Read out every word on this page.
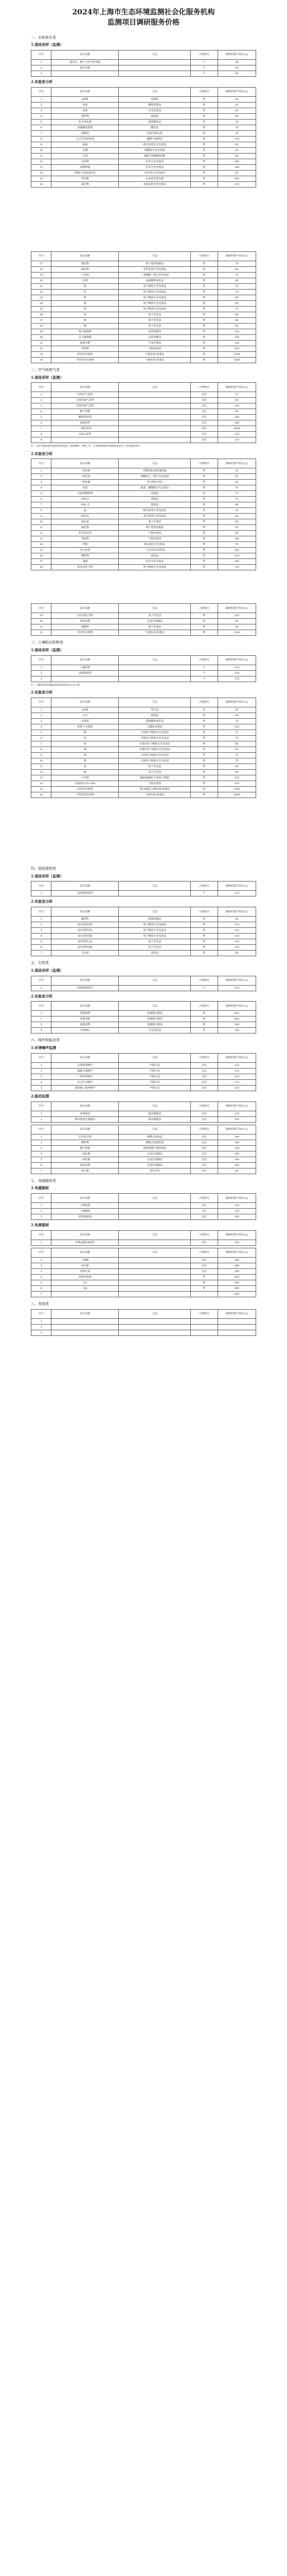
2024年上海市生态环境监测社会化服务机构
监测项目调研服务价格
一、水和废水类
1.现场采样（监测）
序号	项目名称	方法	计费单位	调研价格平均价(元)
1	地表水、地下水等水样采集		个	58
2	废水采集		个	45
3			个	60
2.实验室分析
序号	项目名称	方法	计费单位	调研价格平均价(元)
1	pH值	电极法	样	40
2	色度	稀释倍数法	样	43
3	浊度	分光光度法	样	45
4	悬浮物	重量法	样	60
5	化学需氧量	重铬酸盐法	样	78
6	高锰酸盐指数	酸性法	样	70
7	溶解氧	电化学探头法	样	35
8	五日生化需氧量	稀释与接种法	样	110
9	氨氮	纳氏试剂分光光度法	样	62
10	总磷	钼酸铵分光光度法	样	64
11	总氮	碱性过硫酸钾消解	样	80
12	石油类	红外分光光度法	样	160
13	动植物油	红外分光光度法	样	160
14	阴离子表面活性剂	亚甲蓝分光光度法	样	95
15	挥发酚	4-氨基安替比林	样	105
16	氰化物	容量法和分光光度法	样	110
序号	项目名称	方法	计费单位	调研价格平均价(元)
17	氟化物	离子选择电极法	样	70
18	硫化物	亚甲基蓝分光光度法	样	90
19	六价铬	二苯碳酰二肼分光光度法	样	70
20	总铬	高锰酸钾氧化法	样	90
21	铜	原子吸收分光光度法	样	70
22	锌	原子吸收分光光度法	样	70
23	铅	原子吸收分光光度法	样	80
24	镉	原子吸收分光光度法	样	80
25	镍	原子吸收分光光度法	样	75
26	汞	原子荧光法	样	80
27	砷	原子荧光法	样	80
28	硒	原子荧光法	样	80
29	粪大肠菌群	多管发酵法	样	150
30	总大肠菌群	多管发酵法	样	150
31	细菌总数	平皿计数法	样	100
32	苯系物	气相色谱法	样	320
33	挥发性有机物	气相色谱-质谱法	样	1300
34	半挥发性有机物	气相色谱-质谱法	样	1800
二、空气和废气类
1.现场采样（监测）
序号	项目名称	方法	计费单位	调研价格平均价(元)
1	环境空气采样		点位	57
2	无组织废气采样		点位	60
3	有组织废气采样		点位	120
4	烟气参数		点位	80
5	颗粒物采样		点位	150
6	油烟采样		点位	280
7	二噁英采样		点位	3000
8	VOCs采样		点位	150
9			点位	110
注：1.废气现场采样包括采样前准备、现场勘察、采样工作；2.现场检测项目除现场直读外，包含现场采样。
2.实验室分析
序号	项目名称	方法	计费单位	调研价格平均价(元)
1	二氧化硫	甲醛吸收-副玫瑰苯胺	样	53
2	二氧化氮	盐酸萘乙二胺分光光度法	样	52
3	一氧化碳	非分散红外法	样	45
4	臭氧	靛蓝二磺酸钠分光光度法	样	70
5	总悬浮颗粒物	重量法	样	75
6	PM10	重量法	样	75
7	PM2.5	重量法	样	80
8	氨	纳氏试剂分光光度法	样	55
9	硫化氢	亚甲基蓝分光光度法	样	60
10	氯化氢	离子色谱法	样	85
11	氟化物	离子选择电极法	样	95
12	非甲烷总烃	气相色谱法	样	90
13	苯系物	气相色谱法	样	260
14	甲醛	酚试剂分光光度法	样	70
15	臭气浓度	三点比较式臭袋法	样	320
16	颗粒物	重量法	样	110
17	油烟	红外分光光度法	样	160
18	铅及其化合物	原子吸收分光光度法	样	110
序号	项目名称	方法	计费单位	调研价格平均价(元)
19	汞及其化合物	原子荧光法	样	120
20	氮氧化物	定电位电解法	样	60
21	硫酸雾	离子色谱法	样	90
22	挥发性有机物	气相色谱-质谱法	样	1200
三、土壤和沉积物类
1.现场采样（监测）
序号	项目名称	方法	计费单位	调研价格平均价(元)
1	土壤采样		个	110
2	沉积物采样		个	130
3			个	170
注：土壤采样费用根据采样深度和采样方式计费。
2.实验室分析
序号	项目名称	方法	计费单位	调研价格平均价(元)
1	pH值	电位法	样	45
2	水分	重量法	样	40
3	有机质	重铬酸钾氧化法	样	75
4	阳离子交换量	乙酸铵交换法	样	120
5	铜	火焰原子吸收分光光度法	样	75
6	锌	火焰原子吸收分光光度法	样	75
7	铅	石墨炉原子吸收分光光度法	样	85
8	镉	石墨炉原子吸收分光光度法	样	85
9	镍	火焰原子吸收分光光度法	样	75
10	铬	火焰原子吸收分光光度法	样	75
11	汞	原子荧光法	样	80
12	砷	原子荧光法	样	80
13	六价铬	碱溶液提取-火焰原子吸收	样	120
14	石油烃(C10-C40)	气相色谱法	样	350
15	挥发性有机物	吹扫捕集/气相色谱-质谱法	样	1500
16	半挥发性有机物	气相色谱-质谱法	样	2000
四、固体废物类
1.现场采样（监测）
序号	项目名称	方法	计费单位	调研价格平均价(元)
1	固体废物采样		个	120
2.实验室分析
序号	项目名称	方法	计费单位	调研价格平均价(元)
1	腐蚀性	玻璃电极法	样	60
2	浸出毒性(铜)	原子吸收分光光度法	样	110
3	浸出毒性(铅)	原子吸收分光光度法	样	120
4	浸出毒性(镉)	原子吸收分光光度法	样	120
5	浸出毒性(汞)	原子荧光法	样	120
6	浸出毒性(砷)	原子荧光法	样	120
7	含水率	重量法	样	50
五、生物类
1.现场采样（监测）
序号	项目名称	方法	计费单位	调研价格平均价(元)
1	浮游植物采样		个	110
2.实验室分析
序号	项目名称	方法	计费单位	调研价格平均价(元)
1	浮游植物	显微镜计数法	样	420
2	浮游动物	显微镜计数法	样	450
3	底栖动物	显微镜计数法	样	500
4	叶绿素a	分光光度法	样	130
六、噪声和振动类
1.环境噪声监测
序号	项目名称	方法	计费单位	调研价格平均价(元)
1	区域环境噪声	声级计法	点次	110
2	道路交通噪声	声级计法	点次	115
3	厂界环境噪声	声级计法	点次	120
4	社会生活噪声	声级计法	点次	115
5	建筑施工场界噪声	声级计法	点次	120
2.振动监测
序号	项目名称	方法	计费单位	调研价格平均价(元)
1	环境振动	振动测量法	点次	130
2	城市轨道交通振动	振动测量法	点次	150
序号	项目名称	方法	计费单位	调研价格平均价(元)
1	非甲烷总烃	便携式FID法	点位	240
2	颗粒物	便携式光散射法	点位	180
3	烟气黑度	林格曼烟气黑度图法	点位	130
4	一氧化碳	定电位电解法	点位	100
5	二氧化硫	定电位电解法	点位	100
6	氮氧化物	定电位电解法	点位	100
7	氧含量	电化学法	点位	80
七、电磁辐射类
1.电磁辐射
序号	项目名称	方法	计费单位	调研价格平均价(元)
1	工频电场		点位	120
2	工频磁场		点位	120
3	射频电磁场		点位	160
2.电离辐射
序号	项目名称	方法	计费单位	调研价格平均价(元)
1	环境γ辐射剂量率		点位	150
序号	项目名称	方法	计费单位	调研价格平均价(元)
1	土壤氡		点位	300
2	室内氡		点位	280
3	表面污染		点位	200
4	放射性核素		样	800
5	总α		样	300
6	总β		样	300
7				600
八、其他类
序号	项目名称	方法	计费单位	调研价格平均价(元)
1				
2				
3				
